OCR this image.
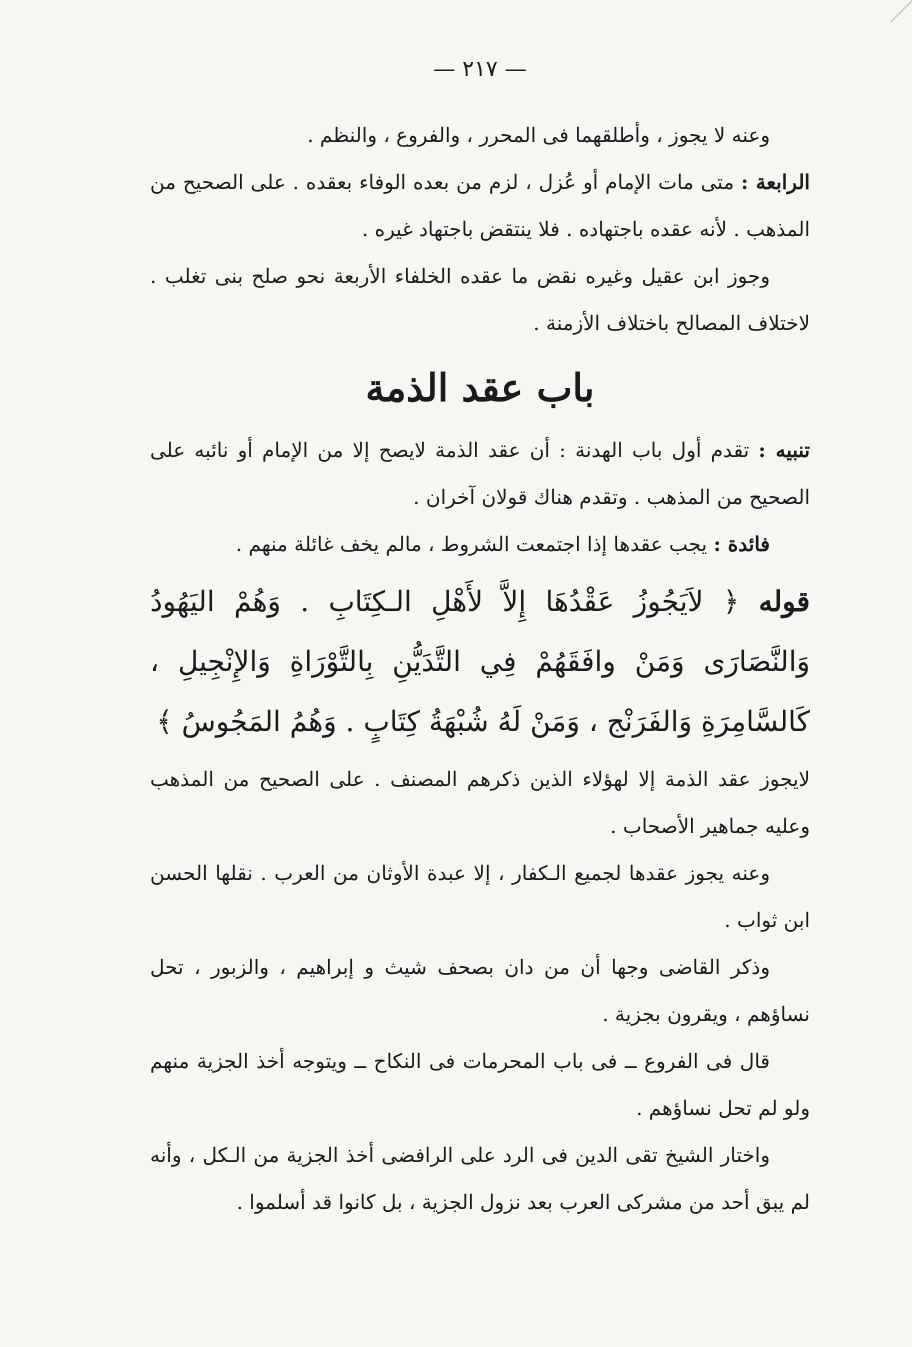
— ٢١٧ —

وعنه لا يجوز ، وأطلقهما فى المحرر ، والفروع ، والنظم .

الرابعة : متى مات الإمام أو عُزل ، لزم من بعده الوفاء بعقده . على الصحيح من المذهب . لأنه عقده باجتهاده . فلا ينتقض باجتهاد غيره .

وجوز ابن عقيل وغيره نقض ما عقده الخلفاء الأربعة نحو صلح بنى تغلب . لاختلاف المصالح باختلاف الأزمنة .

باب عقد الذمة

تنبيه : تقدم أول باب الهدنة : أن عقد الذمة لايصح إلا من الإمام أو نائبه على الصحيح من المذهب . وتقدم هناك قولان آخران .

فائدة : يجب عقدها إذا اجتمعت الشروط ، مالم يخف غائلة منهم .

قوله ﴿ لاَيَجُوزُ عَقْدُهَا إِلاَّ لأَهْلِ الـكِتَابِ . وَهُمْ اليَهُودُ وَالنَّصَارَى وَمَنْ وافَقَهُمْ فِي التَّدَيُّنِ بِالتَّوْرَاةِ وَالإِنْجِيلِ ، كَالسَّامِرَةِ وَالفَرَنْج ، وَمَنْ لَهُ شُبْهَةُ كِتَابٍ . وَهُمُ المَجُوسُ ﴾

لايجوز عقد الذمة إلا لهؤلاء الذين ذكرهم المصنف . على الصحيح من المذهب وعليه جماهير الأصحاب .

وعنه يجوز عقدها لجميع الـكفار ، إلا عبدة الأوثان من العرب . نقلها الحسن ابن ثواب .

وذكر القاضى وجها أن من دان بصحف شيث و إبراهيم ، والزبور ، تحل نساؤهم ، ويقرون بجزية .

قال فى الفروع ــ فى باب المحرمات فى النكاح ــ ويتوجه أخذ الجزية منهم ولو لم تحل نساؤهم .

واختار الشيخ تقى الدين فى الرد على الرافضى أخذ الجزية من الـكل ، وأنه لم يبق أحد من مشركى العرب بعد نزول الجزية ، بل كانوا قد أسلموا .
